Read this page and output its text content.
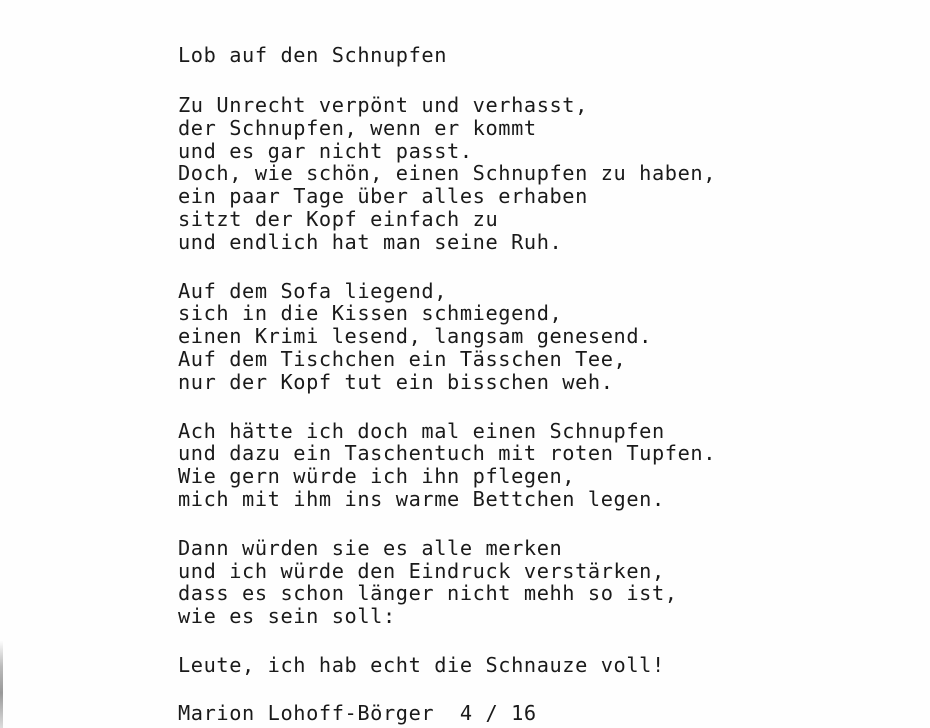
Lob auf den Schnupfen
Zu Unrecht verpönt und verhasst,
der Schnupfen, wenn er kommt
und es gar nicht passt.
Doch, wie schön, einen Schnupfen zu haben,
ein paar Tage über alles erhaben
sitzt der Kopf einfach zu
und endlich hat man seine Ruh.
Auf dem Sofa liegend,
sich in die Kissen schmiegend,
einen Krimi lesend, langsam genesend.
Auf dem Tischchen ein Tässchen Tee,
nur der Kopf tut ein bisschen weh.
Ach hätte ich doch mal einen Schnupfen
und dazu ein Taschentuch mit roten Tupfen.
Wie gern würde ich ihn pflegen,
mich mit ihm ins warme Bettchen legen.
Dann würden sie es alle merken
und ich würde den Eindruck verstärken,
dass es schon länger nicht mehh so ist,
wie es sein soll:
Leute, ich hab echt die Schnauze voll!
Marion Lohoff-Börger  4 / 16
